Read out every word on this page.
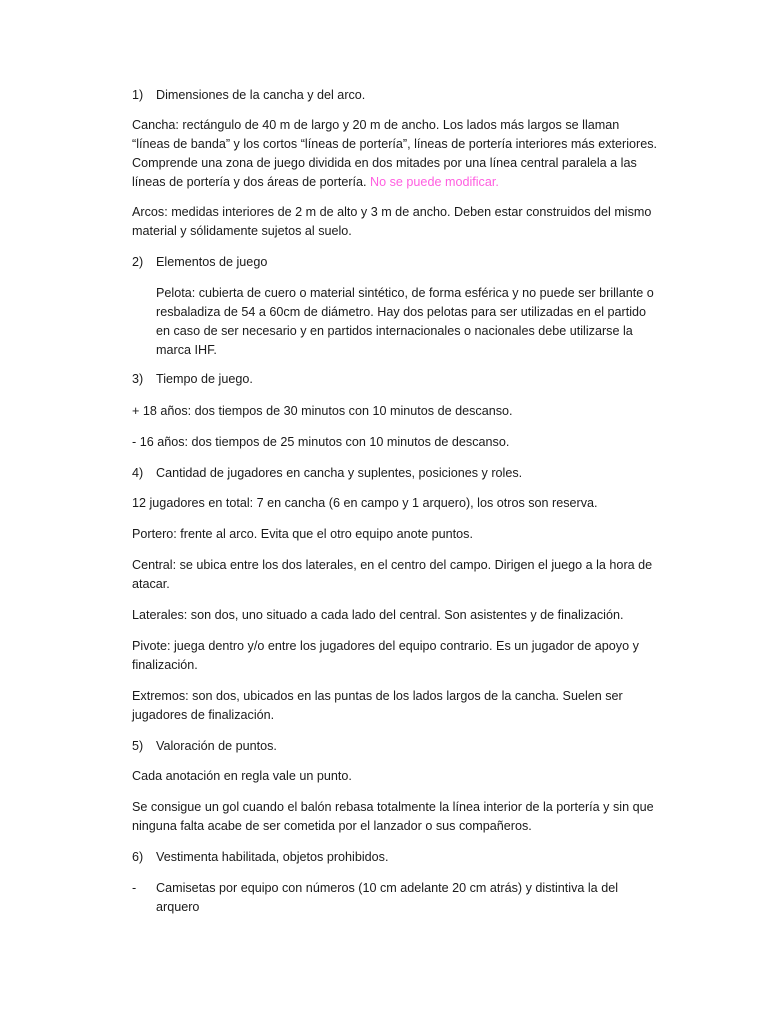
1)	Dimensiones de la cancha y del arco.

Cancha: rectángulo de 40 m de largo y 20 m de ancho. Los lados más largos se llaman “líneas de banda” y los cortos “líneas de portería”, líneas de portería interiores más exteriores. Comprende una zona de juego dividida en dos mitades por una línea central paralela a las líneas de portería y dos áreas de portería. No se puede modificar.

Arcos: medidas interiores de 2 m de alto y 3 m de ancho. Deben estar construidos del mismo material y sólidamente sujetos al suelo.

2)	Elementos de juego

Pelota: cubierta de cuero o material sintético, de forma esférica y no puede ser brillante o resbaladiza de 54 a 60cm de diámetro. Hay dos pelotas para ser utilizadas en el partido en caso de ser necesario y en partidos internacionales o nacionales debe utilizarse la marca IHF.

3)	Tiempo de juego.

+ 18 años: dos tiempos de 30 minutos con 10 minutos de descanso.

- 16 años: dos tiempos de 25 minutos con 10 minutos de descanso.

4)	Cantidad de jugadores en cancha y suplentes, posiciones y roles.

12 jugadores en total: 7 en cancha (6 en campo y 1 arquero), los otros son reserva.

Portero: frente al arco. Evita que el otro equipo anote puntos.

Central: se ubica entre los dos laterales, en el centro del campo. Dirigen el juego a la hora de atacar.

Laterales: son dos, uno situado a cada lado del central. Son asistentes y de finalización.

Pivote: juega dentro y/o entre los jugadores del equipo contrario. Es un jugador de apoyo y finalización.

Extremos: son dos, ubicados en las puntas de los lados largos de la cancha. Suelen ser jugadores de finalización.

5)	Valoración de puntos.

Cada anotación en regla vale un punto.

Se consigue un gol cuando el balón rebasa totalmente la línea interior de la portería y sin que ninguna falta acabe de ser cometida por el lanzador o sus compañeros.

6)	Vestimenta habilitada, objetos prohibidos.
-	Camisetas por equipo con números (10 cm adelante 20 cm atrás) y distintiva la del arquero
